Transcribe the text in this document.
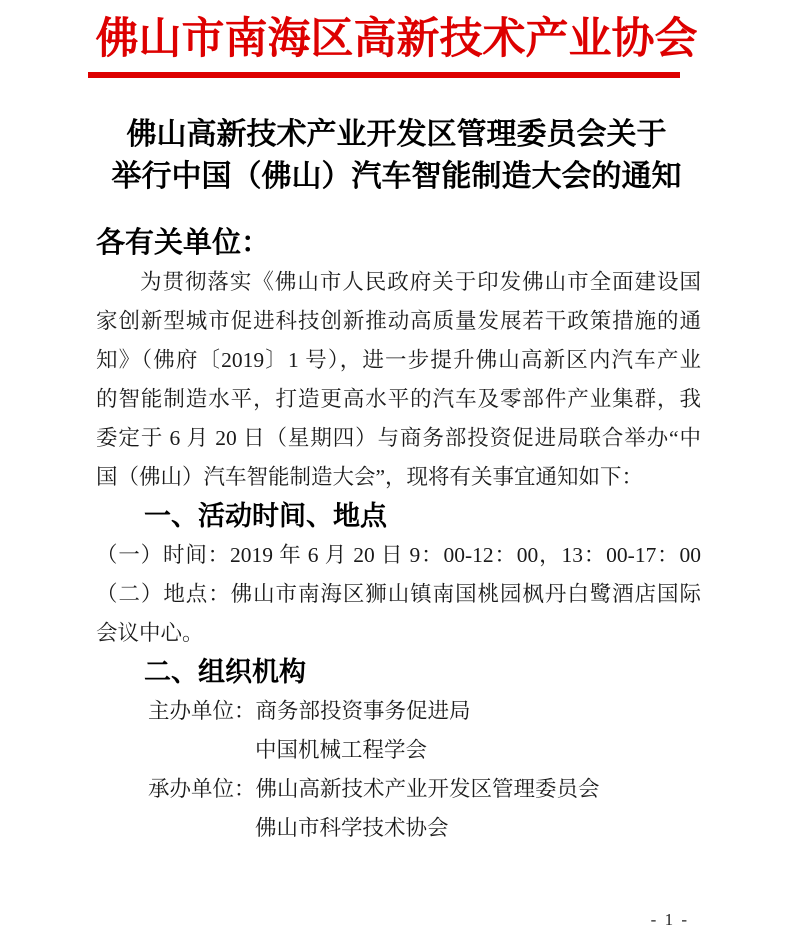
佛山市南海区高新技术产业协会
佛山高新技术产业开发区管理委员会关于
举行中国（佛山）汽车智能制造大会的通知
各有关单位：
为贯彻落实《佛山市人民政府关于印发佛山市全面建设国
家创新型城市促进科技创新推动高质量发展若干政策措施的通
知》（佛府〔2019〕1 号），进一步提升佛山高新区内汽车产业
的智能制造水平，打造更高水平的汽车及零部件产业集群，我
委定于 6 月 20 日（星期四）与商务部投资促进局联合举办“中
国（佛山）汽车智能制造大会”，现将有关事宜通知如下：
一、活动时间、地点
（一）时间：2019 年 6 月 20 日 9：00-12：00，13：00-17：00
（二）地点：佛山市南海区狮山镇南国桃园枫丹白鹭酒店国际
会议中心。
二、组织机构
主办单位：商务部投资事务促进局
中国机械工程学会
承办单位：佛山高新技术产业开发区管理委员会
佛山市科学技术协会
- 1 -
